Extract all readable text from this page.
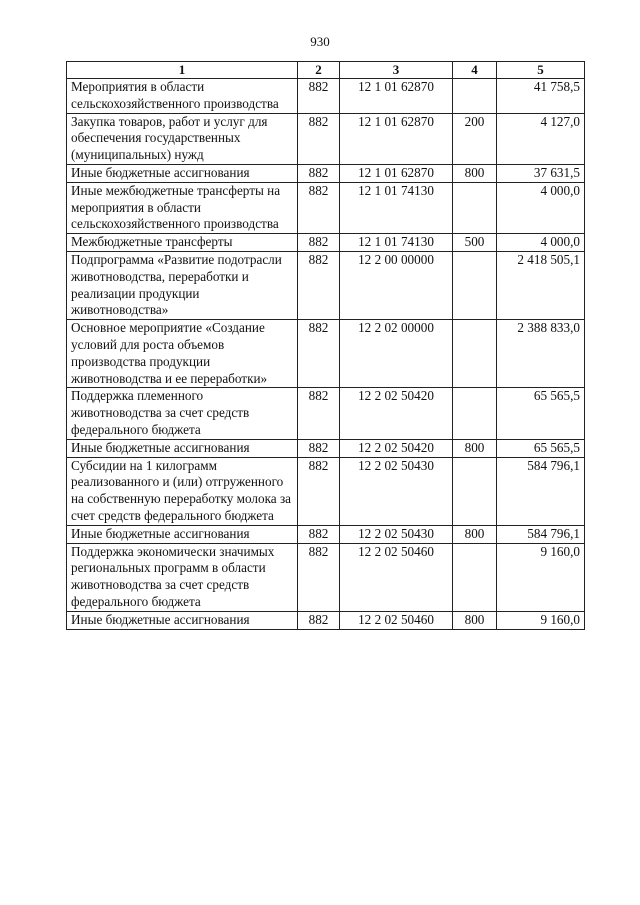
930
1	2	3	4	5
Мероприятия в области сельскохозяйственного производства	882	12 1 01 62870		41 758,5
Закупка товаров, работ и услуг для обеспечения государственных (муниципальных) нужд	882	12 1 01 62870	200	4 127,0
Иные бюджетные ассигнования	882	12 1 01 62870	800	37 631,5
Иные межбюджетные трансферты на мероприятия в области сельскохозяйственного производства	882	12 1 01 74130		4 000,0
Межбюджетные трансферты	882	12 1 01 74130	500	4 000,0
Подпрограмма «Развитие подотрасли животноводства, переработки и реализации продукции животноводства»	882	12 2 00 00000		2 418 505,1
Основное мероприятие «Создание условий для роста объемов производства продукции животноводства и ее переработки»	882	12 2 02 00000		2 388 833,0
Поддержка племенного животноводства за счет средств федерального бюджета	882	12 2 02 50420		65 565,5
Иные бюджетные ассигнования	882	12 2 02 50420	800	65 565,5
Субсидии на 1 килограмм реализованного и (или) отгруженного на собственную переработку молока за счет средств федерального бюджета	882	12 2 02 50430		584 796,1
Иные бюджетные ассигнования	882	12 2 02 50430	800	584 796,1
Поддержка экономически значимых региональных программ в области животноводства за счет средств федерального бюджета	882	12 2 02 50460		9 160,0
Иные бюджетные ассигнования	882	12 2 02 50460	800	9 160,0
